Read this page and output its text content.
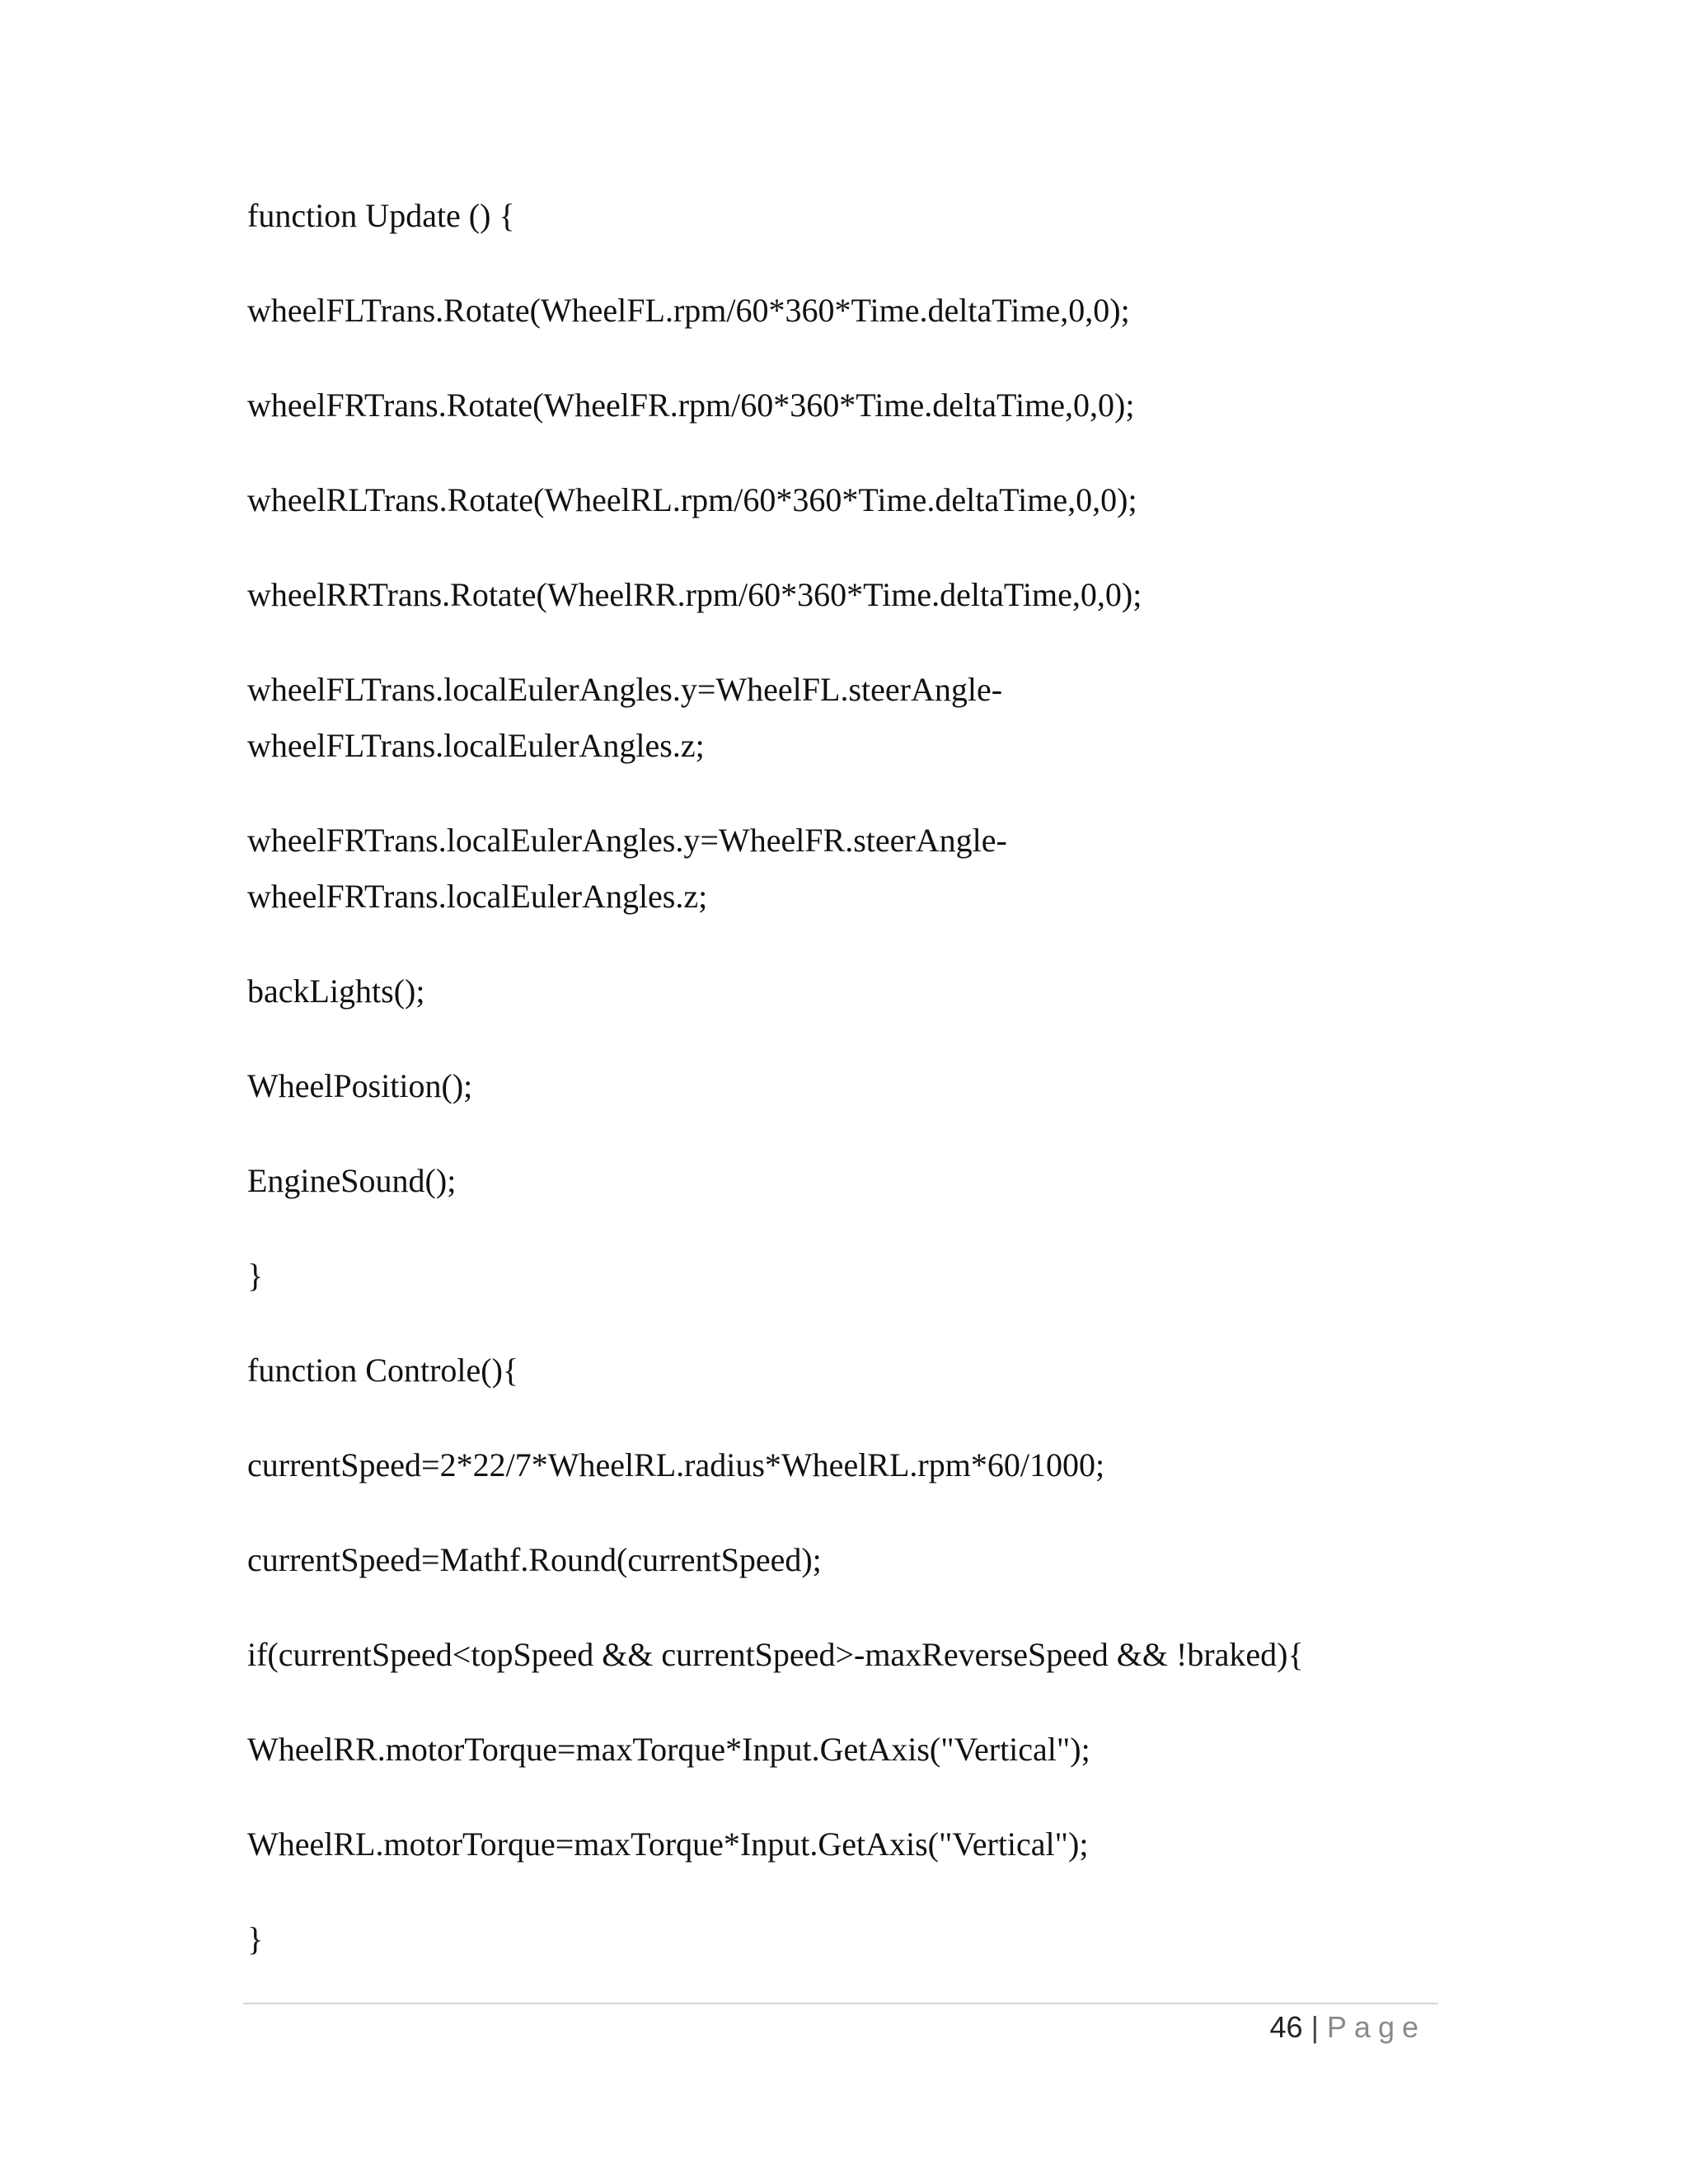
function Update () {

wheelFLTrans.Rotate(WheelFL.rpm/60*360*Time.deltaTime,0,0);

wheelFRTrans.Rotate(WheelFR.rpm/60*360*Time.deltaTime,0,0);

wheelRLTrans.Rotate(WheelRL.rpm/60*360*Time.deltaTime,0,0);

wheelRRTrans.Rotate(WheelRR.rpm/60*360*Time.deltaTime,0,0);

wheelFLTrans.localEulerAngles.y=WheelFL.steerAngle-wheelFLTrans.localEulerAngles.z;

wheelFRTrans.localEulerAngles.y=WheelFR.steerAngle-wheelFRTrans.localEulerAngles.z;

backLights();

WheelPosition();

EngineSound();

}

function Controle(){

currentSpeed=2*22/7*WheelRL.radius*WheelRL.rpm*60/1000;

currentSpeed=Mathf.Round(currentSpeed);

if(currentSpeed<topSpeed && currentSpeed>-maxReverseSpeed && !braked){

WheelRR.motorTorque=maxTorque*Input.GetAxis("Vertical");

WheelRL.motorTorque=maxTorque*Input.GetAxis("Vertical");

}

46 | Page
